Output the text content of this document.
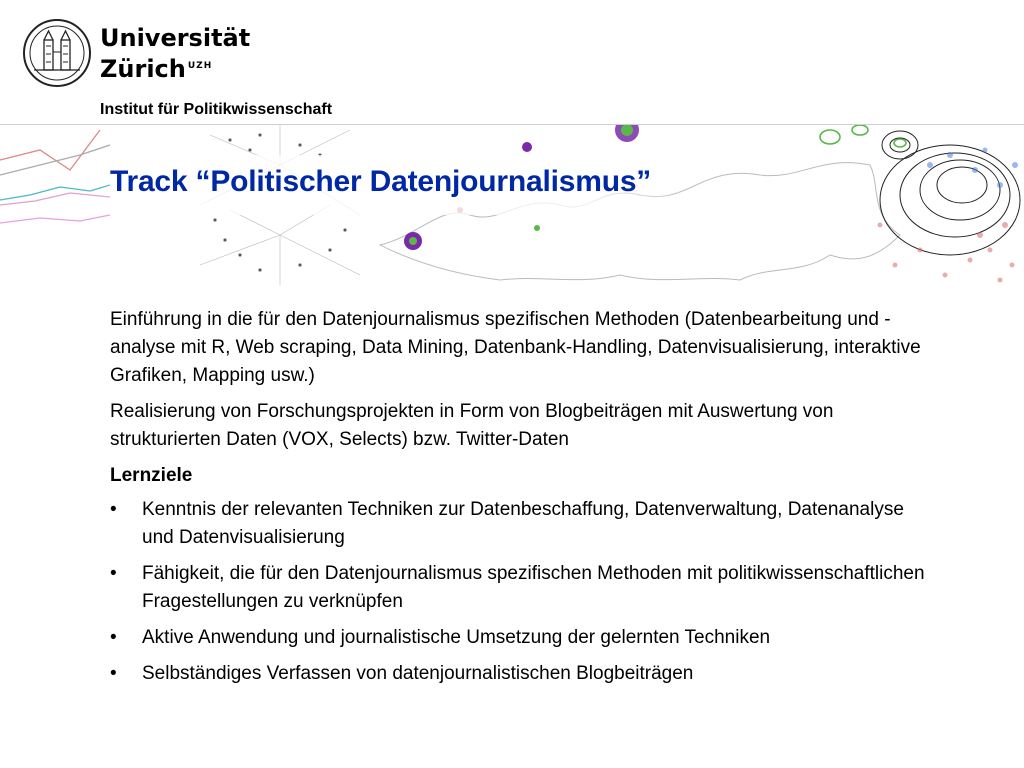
Universität
Zürich $^{UZH}$
Institut für Politikwissenschaft
Track “Politischer Datenjournalismus”

Einführung in die für den Datenjournalismus spezifischen Methoden (Datenbearbeitung und -analyse mit R, Web scraping, Data Mining, Datenbank-Handling, Datenvisualisierung, interaktive Grafiken, Mapping usw.)

Realisierung von Forschungsprojekten in Form von Blogbeiträgen mit Auswertung von strukturierten Daten (VOX, Selects) bzw. Twitter-Daten

Lernziele

• Kenntnis der relevanten Techniken zur Datenbeschaffung, Datenverwaltung, Datenanalyse und Datenvisualisierung
• Fähigkeit, die für den Datenjournalismus spezifischen Methoden mit politikwissenschaftlichen Fragestellungen zu verknüpfen
• Aktive Anwendung und journalistische Umsetzung der gelernten Techniken
• Selbständiges Verfassen von datenjournalistischen Blogbeiträgen
